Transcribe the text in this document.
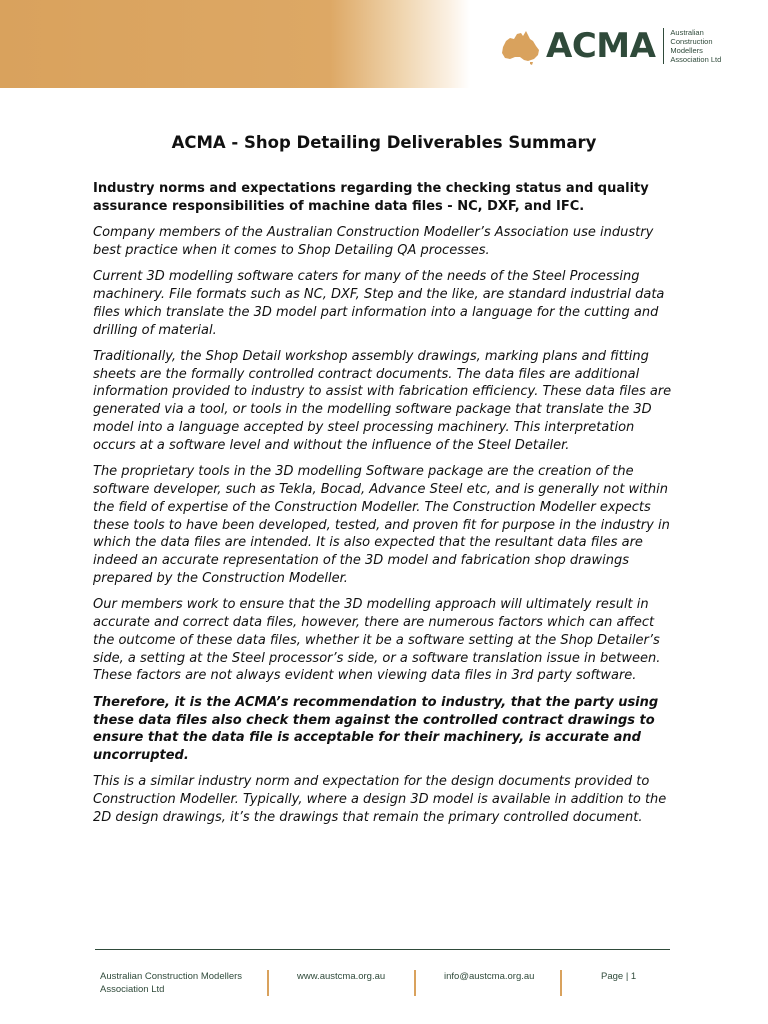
ACMA Australian
Construction
Modellers
Association Ltd
ACMA - Shop Detailing Deliverables Summary

Industry norms and expectations regarding the checking status and quality assurance responsibilities of machine data files - NC, DXF, and IFC.

Company members of the Australian Construction Modeller’s Association use industry best practice when it comes to Shop Detailing QA processes.

Current 3D modelling software caters for many of the needs of the Steel Processing machinery. File formats such as NC, DXF, Step and the like, are standard industrial data files which translate the 3D model part information into a language for the cutting and drilling of material.

Traditionally, the Shop Detail workshop assembly drawings, marking plans and fitting sheets are the formally controlled contract documents. The data files are additional information provided to industry to assist with fabrication efficiency. These data files are generated via a tool, or tools in the modelling software package that translate the 3D model into a language accepted by steel processing machinery. This interpretation occurs at a software level and without the influence of the Steel Detailer.

The proprietary tools in the 3D modelling Software package are the creation of the software developer, such as Tekla, Bocad, Advance Steel etc, and is generally not within the field of expertise of the Construction Modeller. The Construction Modeller expects these tools to have been developed, tested, and proven fit for purpose in the industry in which the data files are intended. It is also expected that the resultant data files are indeed an accurate representation of the 3D model and fabrication shop drawings prepared by the Construction Modeller.

Our members work to ensure that the 3D modelling approach will ultimately result in accurate and correct data files, however, there are numerous factors which can affect the outcome of these data files, whether it be a software setting at the Shop Detailer’s side, a setting at the Steel processor’s side, or a software translation issue in between. These factors are not always evident when viewing data files in 3rd party software.

Therefore, it is the ACMA’s recommendation to industry, that the party using these data files also check them against the controlled contract drawings to ensure that the data file is acceptable for their machinery, is accurate and uncorrupted.

This is a similar industry norm and expectation for the design documents provided to Construction Modeller. Typically, where a design 3D model is available in addition to the 2D design drawings, it’s the drawings that remain the primary controlled document.

Australian Construction Modellers
Association Ltd
www.austcma.org.au	info@austcma.org.au	Page | 1
